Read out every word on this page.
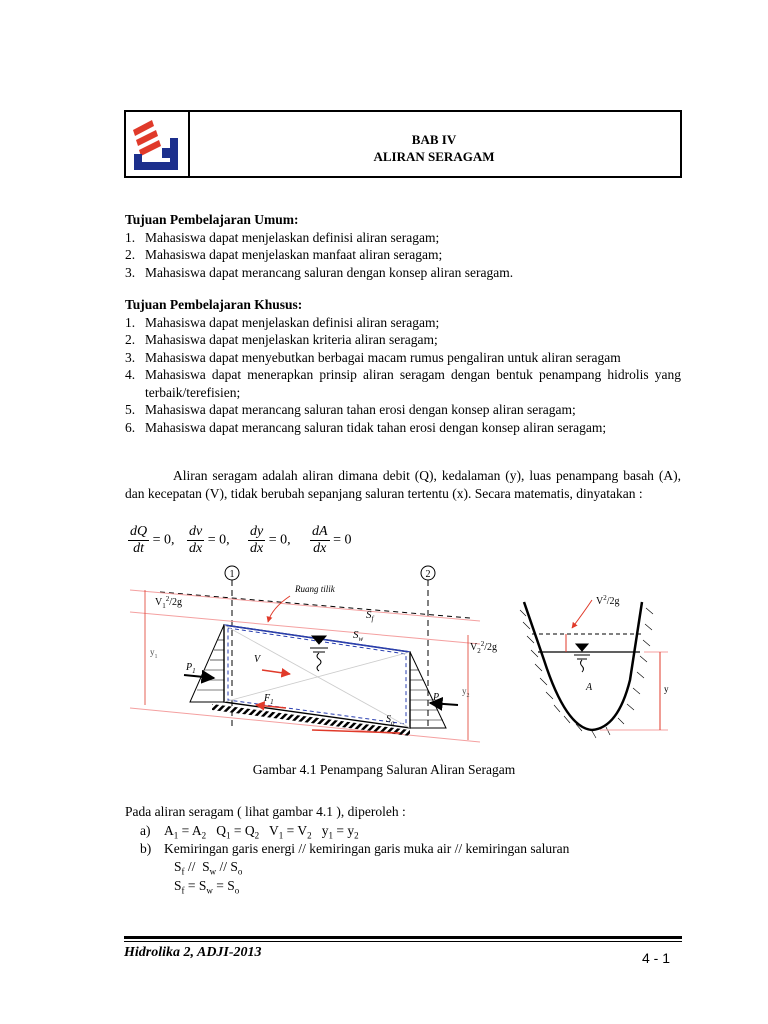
BAB IV
ALIRAN SERAGAM
Tujuan Pembelajaran Umum:
1. Mahasiswa dapat menjelaskan definisi aliran seragam;
2. Mahasiswa dapat menjelaskan manfaat aliran seragam;
3. Mahasiswa dapat merancang saluran dengan konsep aliran seragam.
Tujuan Pembelajaran Khusus:
1. Mahasiswa dapat menjelaskan definisi aliran seragam;
2. Mahasiswa dapat menjelaskan kriteria aliran seragam;
3. Mahasiswa dapat menyebutkan berbagai macam rumus pengaliran untuk aliran seragam
4. Mahasiswa dapat menerapkan prinsip aliran seragam dengan bentuk penampang hidrolis yang terbaik/terefisien;
5. Mahasiswa dapat merancang saluran tahan erosi dengan konsep aliran seragam;
6. Mahasiswa dapat merancang saluran tidak tahan erosi dengan konsep aliran seragam;
Aliran seragam adalah aliran dimana debit (Q), kedalaman (y), luas penampang basah (A), dan kecepatan (V), tidak berubah sepanjang saluran tertentu (x). Secara matematis, dinyatakan :
$\frac{dQ}{dt} = 0$, $\frac{dv}{dx} = 0$, $\frac{dy}{dx} = 0$, $\frac{dA}{dx} = 0$
1	2
Ruang tilik
$V_1^2/2g$
$V_2^2/2g$
$S_f$
$S_w$
$S_o$
$y_1$
$y_2$
$P_1$
$P_2$
$F_1$
V
$V^2/2g$
A	y
Gambar 4.1 Penampang Saluran Aliran Seragam
Pada aliran seragam ( lihat gambar 4.1 ), diperoleh :
a) $A_1 = A_2$   $Q_1 = Q_2$   $V_1 = V_2$   $y_1 = y_2$
b) Kemiringan garis energi // kemiringan garis muka air // kemiringan saluran
$S_f // S_w // S_o$
$S_f = S_w = S_o$
Hidrolika 2, ADJI-2013	4 - 1
